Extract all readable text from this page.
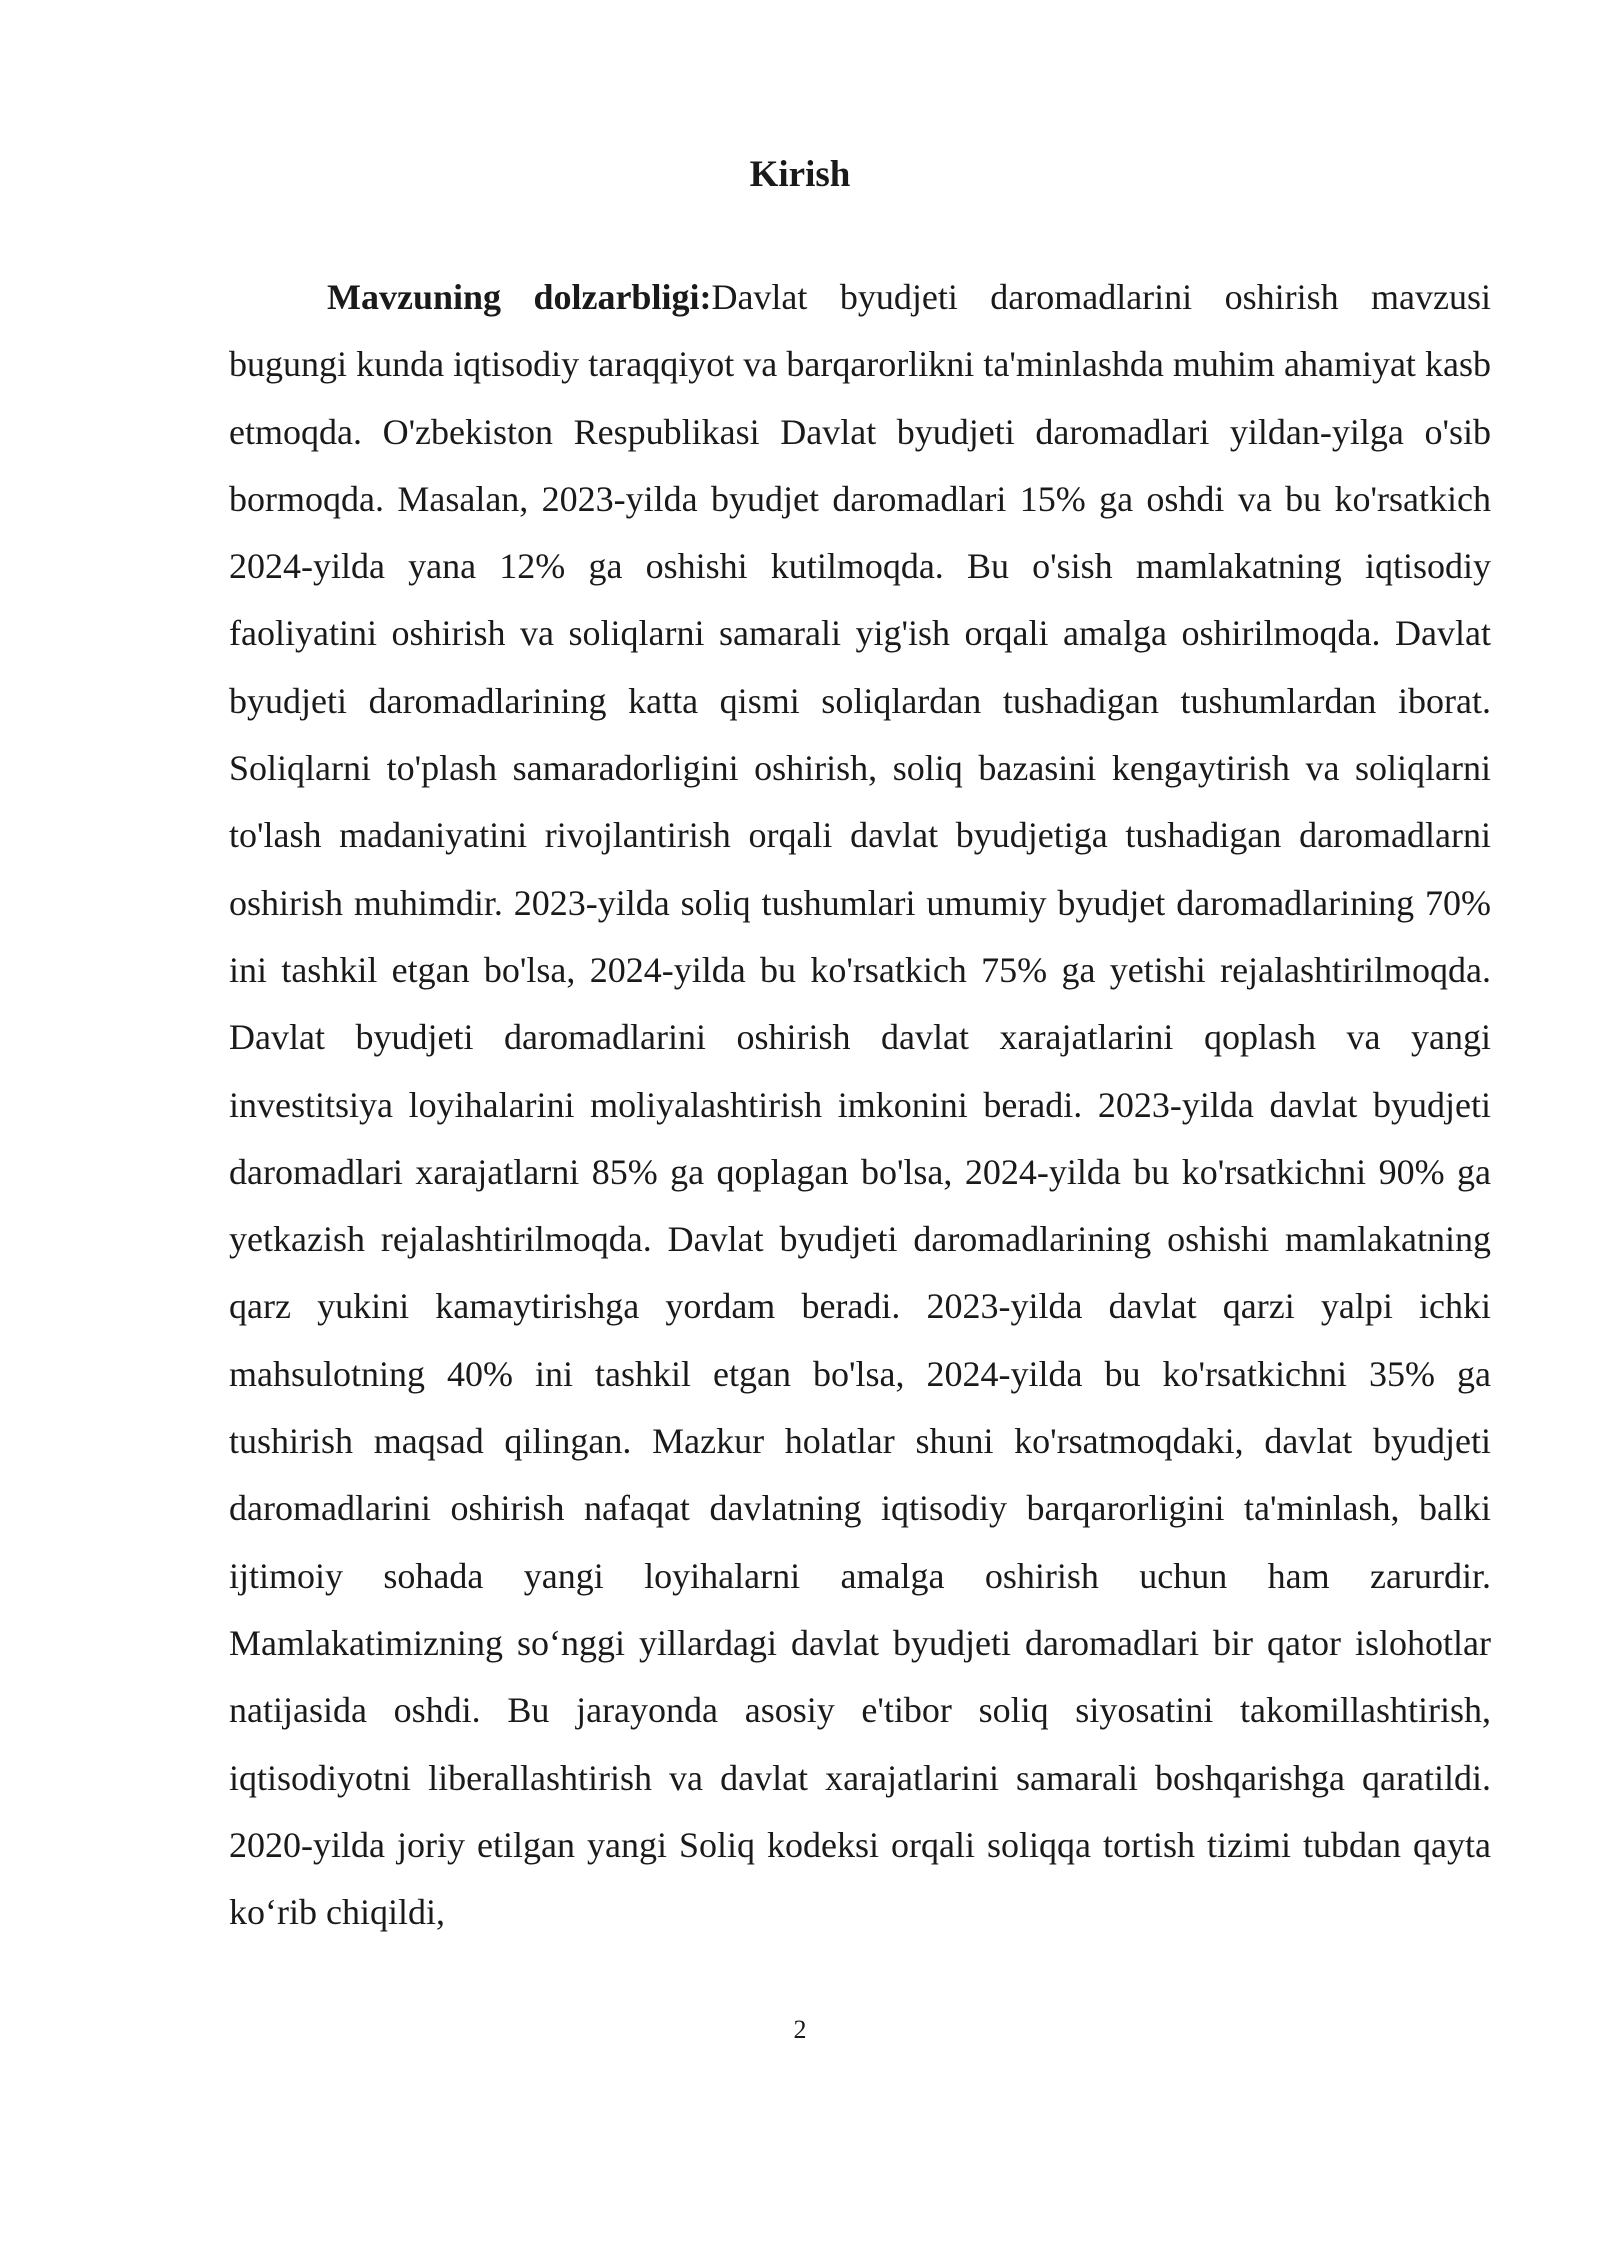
Kirish

Mavzuning dolzarbligi:Davlat byudjeti daromadlarini oshirish mavzusi bugungi kunda iqtisodiy taraqqiyot va barqarorlikni ta'minlashda muhim ahamiyat kasb etmoqda. O'zbekiston Respublikasi Davlat byudjeti daromadlari yildan-yilga o'sib bormoqda. Masalan, 2023-yilda byudjet daromadlari 15% ga oshdi va bu ko'rsatkich 2024-yilda yana 12% ga oshishi kutilmoqda. Bu o'sish mamlakatning iqtisodiy faoliyatini oshirish va soliqlarni samarali yig'ish orqali amalga oshirilmoqda. Davlat byudjeti daromadlarining katta qismi soliqlardan tushadigan tushumlardan iborat. Soliqlarni to'plash samaradorligini oshirish, soliq bazasini kengaytirish va soliqlarni to'lash madaniyatini rivojlantirish orqali davlat byudjetiga tushadigan daromadlarni oshirish muhimdir. 2023-yilda soliq tushumlari umumiy byudjet daromadlarining 70% ini tashkil etgan bo'lsa, 2024-yilda bu ko'rsatkich 75% ga yetishi rejalashtirilmoqda. Davlat byudjeti daromadlarini oshirish davlat xarajatlarini qoplash va yangi investitsiya loyihalarini moliyalashtirish imkonini beradi. 2023-yilda davlat byudjeti daromadlari xarajatlarni 85% ga qoplagan bo'lsa, 2024-yilda bu ko'rsatkichni 90% ga yetkazish rejalashtirilmoqda. Davlat byudjeti daromadlarining oshishi mamlakatning qarz yukini kamaytirishga yordam beradi. 2023-yilda davlat qarzi yalpi ichki mahsulotning 40% ini tashkil etgan bo'lsa, 2024-yilda bu ko'rsatkichni 35% ga tushirish maqsad qilingan. Mazkur holatlar shuni ko'rsatmoqdaki, davlat byudjeti daromadlarini oshirish nafaqat davlatning iqtisodiy barqarorligini ta'minlash, balki ijtimoiy sohada yangi loyihalarni amalga oshirish uchun ham zarurdir. Mamlakatimizning so‘nggi yillardagi davlat byudjeti daromadlari bir qator islohotlar natijasida oshdi. Bu jarayonda asosiy e'tibor soliq siyosatini takomillashtirish, iqtisodiyotni liberallashtirish va davlat xarajatlarini samarali boshqarishga qaratildi. 2020-yilda joriy etilgan yangi Soliq kodeksi orqali soliqqa tortish tizimi tubdan qayta ko‘rib chiqildi,

2
